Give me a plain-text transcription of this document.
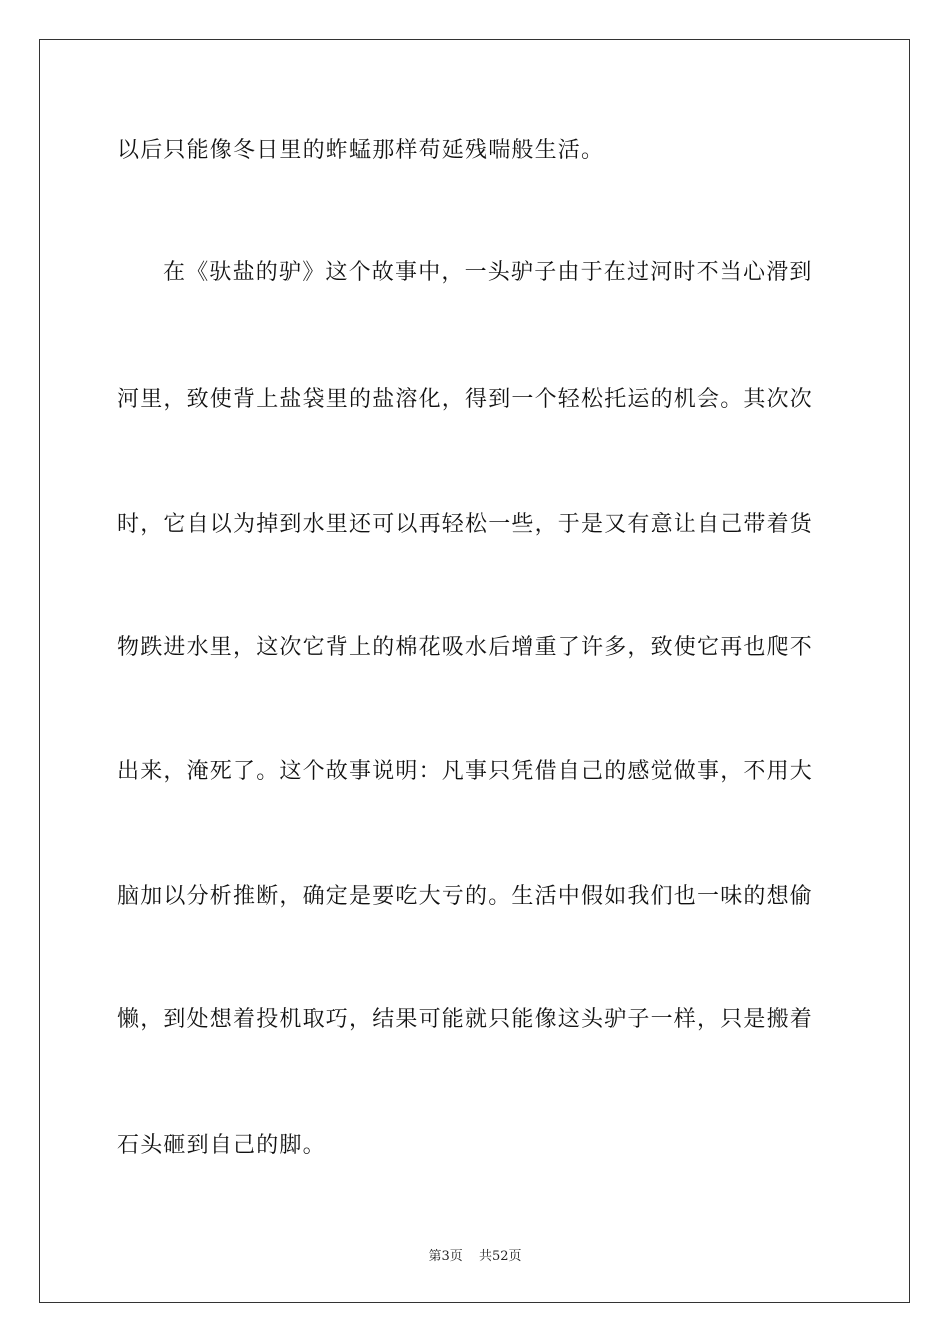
以后只能像冬日里的蚱蜢那样苟延残喘般生活。
在《驮盐的驴》这个故事中，一头驴子由于在过河时不当心滑到
河里，致使背上盐袋里的盐溶化，得到一个轻松托运的机会。其次次
时，它自以为掉到水里还可以再轻松一些，于是又有意让自己带着货
物跌进水里，这次它背上的棉花吸水后增重了许多，致使它再也爬不
出来，淹死了。这个故事说明：凡事只凭借自己的感觉做事，不用大
脑加以分析推断，确定是要吃大亏的。生活中假如我们也一味的想偷
懒，到处想着投机取巧，结果可能就只能像这头驴子一样，只是搬着
石头砸到自己的脚。
第3页 共52页
